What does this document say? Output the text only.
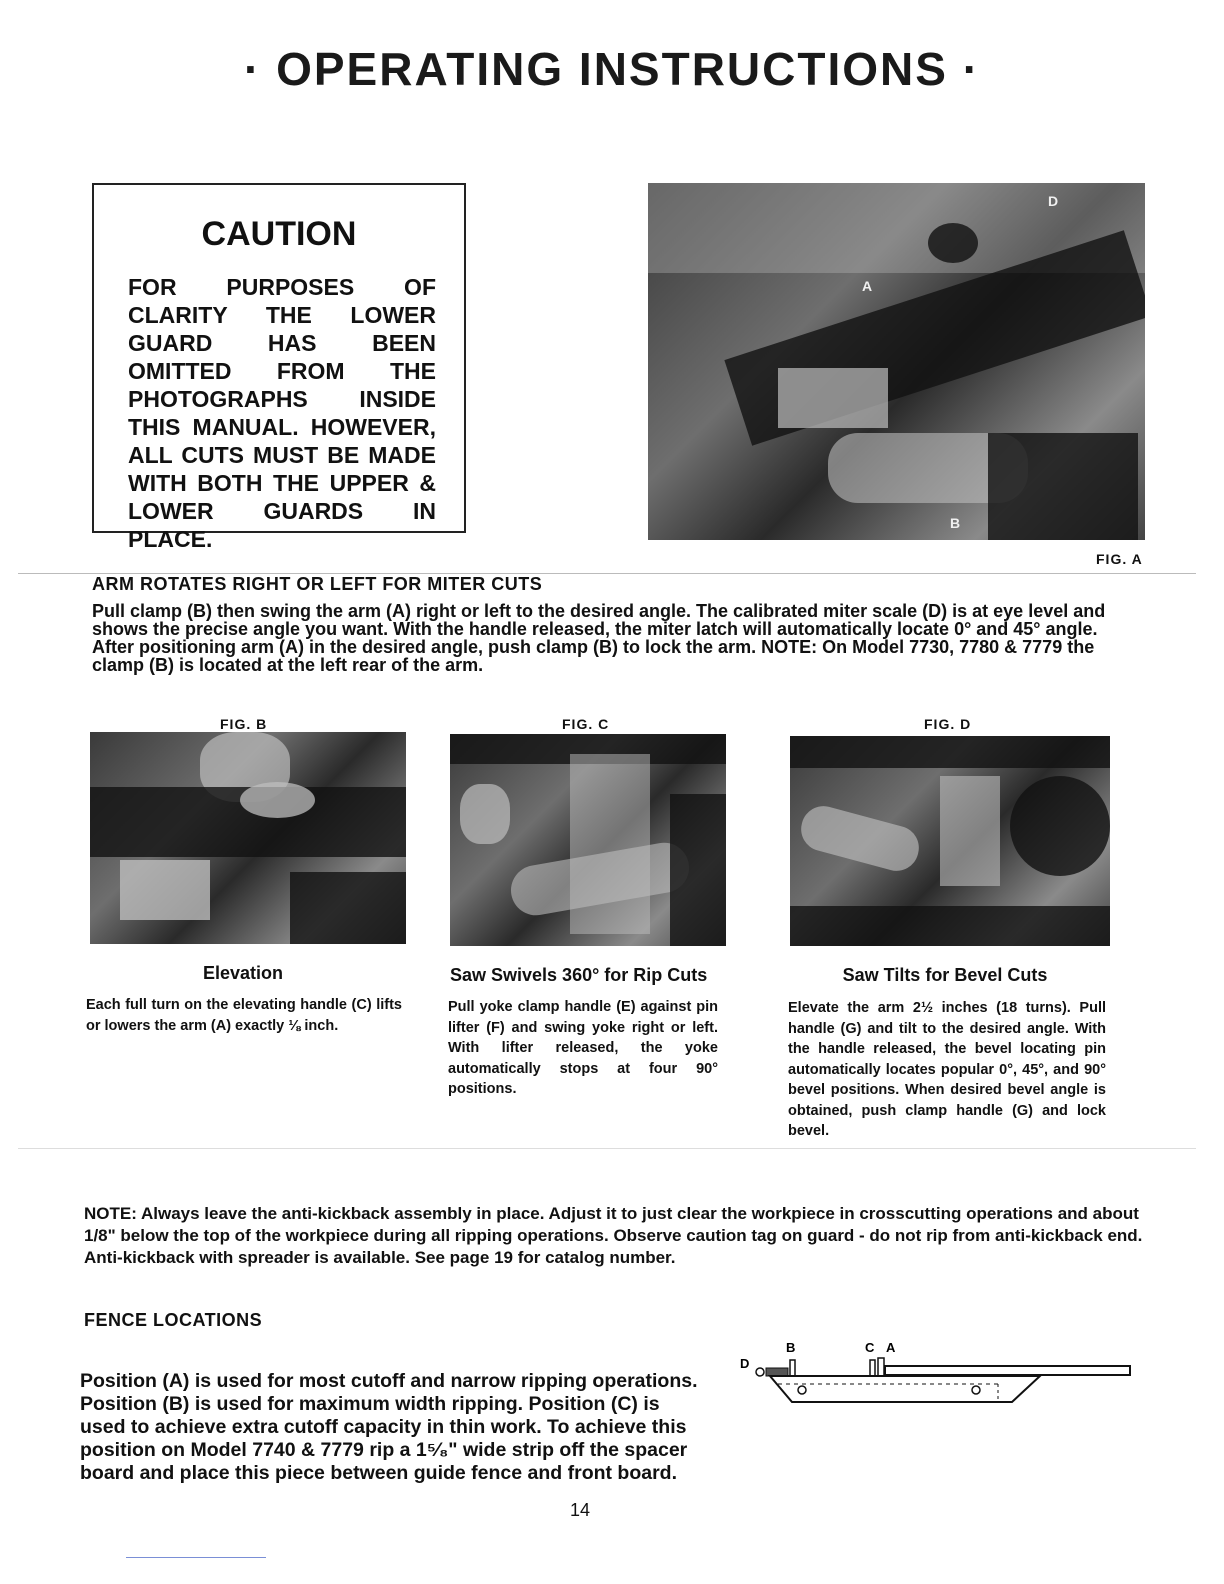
· OPERATING INSTRUCTIONS ·
CAUTION
FOR PURPOSES OF CLARITY THE LOWER GUARD HAS BEEN OMITTED FROM THE PHOTOGRAPHS INSIDE THIS MANUAL. HOWEVER, ALL CUTS MUST BE MADE WITH BOTH THE UPPER & LOWER GUARDS IN PLACE.
A
B
D
FIG. A
ARM ROTATES RIGHT OR LEFT FOR MITER CUTS
Pull clamp (B) then swing the arm (A) right or left to the desired angle. The calibrated miter scale (D) is at eye level and shows the precise angle you want. With the handle released, the miter latch will automatically locate 0° and 45° angle. After positioning arm (A) in the desired angle, push clamp (B) to lock the arm. NOTE: On Model 7730, 7780 & 7779 the clamp (B) is located at the left rear of the arm.
FIG. B	FIG. C	FIG. D
Elevation
Each full turn on the elevating handle (C) lifts or lowers the arm (A) exactly ⅛ inch.
Saw Swivels 360° for Rip Cuts
Pull yoke clamp handle (E) against pin lifter (F) and swing yoke right or left. With lifter released, the yoke automatically stops at four 90° positions.
Saw Tilts for Bevel Cuts
Elevate the arm 2½ inches (18 turns). Pull handle (G) and tilt to the desired angle. With the handle released, the bevel locating pin automatically locates popular 0°, 45°, and 90° bevel positions. When desired bevel angle is obtained, push clamp handle (G) and lock bevel.
NOTE: Always leave the anti-kickback assembly in place. Adjust it to just clear the workpiece in crosscutting operations and about 1/8" below the top of the workpiece during all ripping operations. Observe caution tag on guard - do not rip from anti-kickback end. Anti-kickback with spreader is available. See page 19 for catalog number.
FENCE LOCATIONS
Position (A) is used for most cutoff and narrow ripping operations. Position (B) is used for maximum width ripping. Position (C) is used to achieve extra cutoff capacity in thin work. To achieve this position on Model 7740 & 7779 rip a 1⁵⁄₈" wide strip off the spacer board and place this piece between guide fence and front board.
B	C A
D
14
